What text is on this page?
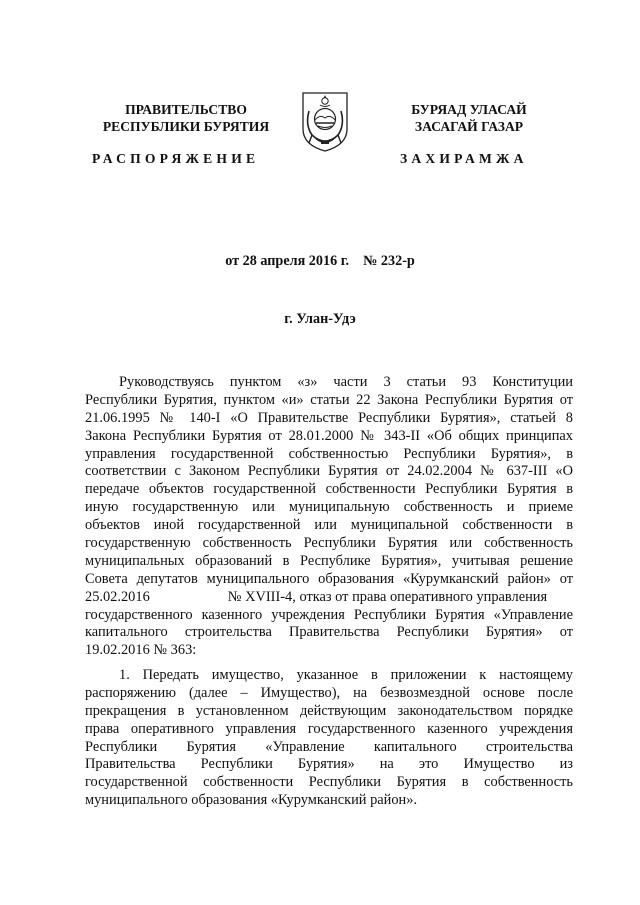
ПРАВИТЕЛЬСТВО
РЕСПУБЛИКИ БУРЯТИЯ
БУРЯАД УЛАСАЙ
ЗАСАГАЙ ГАЗАР
РАСПОРЯЖЕНИЕ	ЗАХИРАМЖА
от 28 апреля 2016 г. № 232-р
г. Улан-Удэ
Руководствуясь пунктом «з» части 3 статьи 93 Конституции
Республики Бурятия, пунктом «и» статьи 22 Закона Республики Бурятия от
21.06.1995 № 140-I «О Правительстве Республики Бурятия», статьей 8
Закона Республики Бурятия от 28.01.2000 № 343-II «Об общих принципах
управления государственной собственностью Республики Бурятия», в
соответствии с Законом Республики Бурятия от 24.02.2004 № 637-III «О
передаче объектов государственной собственности Республики Бурятия в
иную государственную или муниципальную собственность и приеме
объектов иной государственной или муниципальной собственности в
государственную собственность Республики Бурятия или собственность
муниципальных образований в Республике Бурятия», учитывая решение
Совета депутатов муниципального образования «Курумканский район» от
25.02.2016	№ XVIII-4, отказ от права оперативного управления
государственного казенного учреждения Республики Бурятия «Управление
капитального строительства Правительства Республики Бурятия» от
19.02.2016 № 363:
1. Передать имущество, указанное в приложении к настоящему
распоряжению (далее – Имущество), на безвозмездной основе после
прекращения в установленном действующим законодательством порядке
права оперативного управления государственного казенного учреждения
Республики Бурятия «Управление капитального строительства
Правительства Республики Бурятия» на это Имущество из
государственной собственности Республики Бурятия в собственность
муниципального образования «Курумканский район».
